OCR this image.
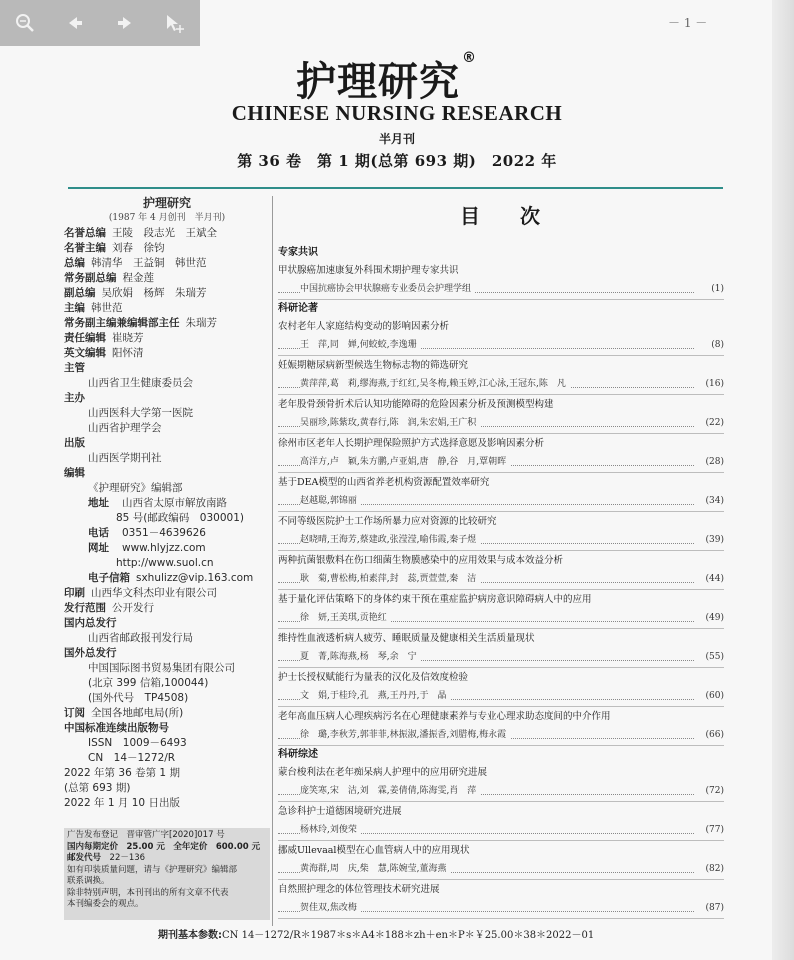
－ 1 －
护理研究®
CHINESE NURSING RESEARCH
半月刊
第 36 卷　第 1 期(总第 693 期)　2022 年
护理研究
(1987 年 4 月创刊　半月刊)
名誉总编 王陵　段志光　王斌全
名誉主编 刘春　徐钧
总编 韩清华　王益铜　韩世范
常务副总编 程金莲
副总编 吴欣娟　杨辉　朱瑞芳
主编 韩世范
常务副主编兼编辑部主任 朱瑞芳
责任编辑 崔晓芳
英文编辑 阳怀清
主管
山西省卫生健康委员会
主办
山西医科大学第一医院
山西省护理学会
出版
山西医学期刊社
编辑
《护理研究》编辑部
地址 山西省太原市解放南路
85 号(邮政编码　030001)
电话 0351－4639626
网址 www.hlyjzz.com
http://www.suol.cn
电子信箱 sxhulizz@vip.163.com
印刷 山西华文科杰印业有限公司
发行范围 公开发行
国内总发行
山西省邮政报刊发行局
国外总发行
中国国际图书贸易集团有限公司
(北京 399 信箱,100044)
(国外代号　TP4508)
订阅 全国各地邮电局(所)
中国标准连续出版物号
ISSN　1009－6493
CN　14－1272/R
2022 年第 36 卷第 1 期
(总第 693 期)
2022 年 1 月 10 日出版
广告发布登记　晋审管广字[2020]017 号
国内每期定价　25.00 元　全年定价　600.00 元
邮发代号　 22－136
如有印装质量问题，请与《护理研究》编辑部
联系调换。
除非特别声明，本刊刊出的所有文章不代表
本刊编委会的观点。
目　次
专家共识
甲状腺癌加速康复外科围术期护理专家共识
中国抗癌协会甲状腺癌专业委员会护理学组	(1)
科研论著
农村老年人家庭结构变动的影响因素分析
王　萍,同　婵,何蛟蛟,李逸珊	(8)
妊娠期糖尿病新型候选生物标志物的筛选研究
黄萍萍,葛　莉,缪海燕,于红红,吴冬梅,赖玉婷,江心泳,王冠东,陈　凡	(16)
老年股骨颈骨折术后认知功能障碍的危险因素分析及预测模型构建
吴丽珍,陈紫玫,黄春行,陈　润,朱宏娟,王广积	(22)
徐州市区老年人长期护理保险照护方式选择意愿及影响因素分析
高洋方,卢　颖,朱方鹏,卢亚娟,唐　静,谷　月,覃朝晖	(28)
基于DEA模型的山西省养老机构资源配置效率研究
赵越聪,郭锦丽	(34)
不同等级医院护士工作场所暴力应对资源的比较研究
赵晓晴,王海芳,蔡建政,张滢滢,喻伟霞,秦子煜	(39)
两种抗菌银敷料在伤口细菌生物膜感染中的应用效果与成本效益分析
耿　菊,曹松梅,柏素萍,封　蕊,贾萱萱,秦　洁	(44)
基于量化评估策略下的身体约束干预在重症监护病房意识障碍病人中的应用
徐　妍,王美琪,贡艳红	(49)
维持性血液透析病人疲劳、睡眠质量及健康相关生活质量现状
夏　菁,陈海燕,杨　琴,余　宁	(55)
护士长授权赋能行为量表的汉化及信效度检验
文　娟,于桂玲,孔　燕,王丹丹,于　晶	(60)
老年高血压病人心理疾病污名在心理健康素养与专业心理求助态度间的中介作用
徐　璐,李秋芳,郭菲菲,林振淑,潘振香,刘腊梅,梅永霞	(66)
科研综述
蒙台梭利法在老年痴呆病人护理中的应用研究进展
庞笑寒,宋　洁,刘　霖,姜倩倩,陈海雯,肖　萍	(72)
急诊科护士道德困境研究进展
杨林玲,刘俊荣	(77)
挪威Ullevaal模型在心血管病人中的应用现状
黄海群,周　庆,柴　慧,陈婉莹,董海燕	(82)
自然照护理念的体位管理技术研究进展
贺佳双,焦改梅	(87)
期刊基本参数:CN 14－1272/R＊1987＊s＊A4＊188＊zh＋en＊P＊￥25.00＊38＊2022－01
